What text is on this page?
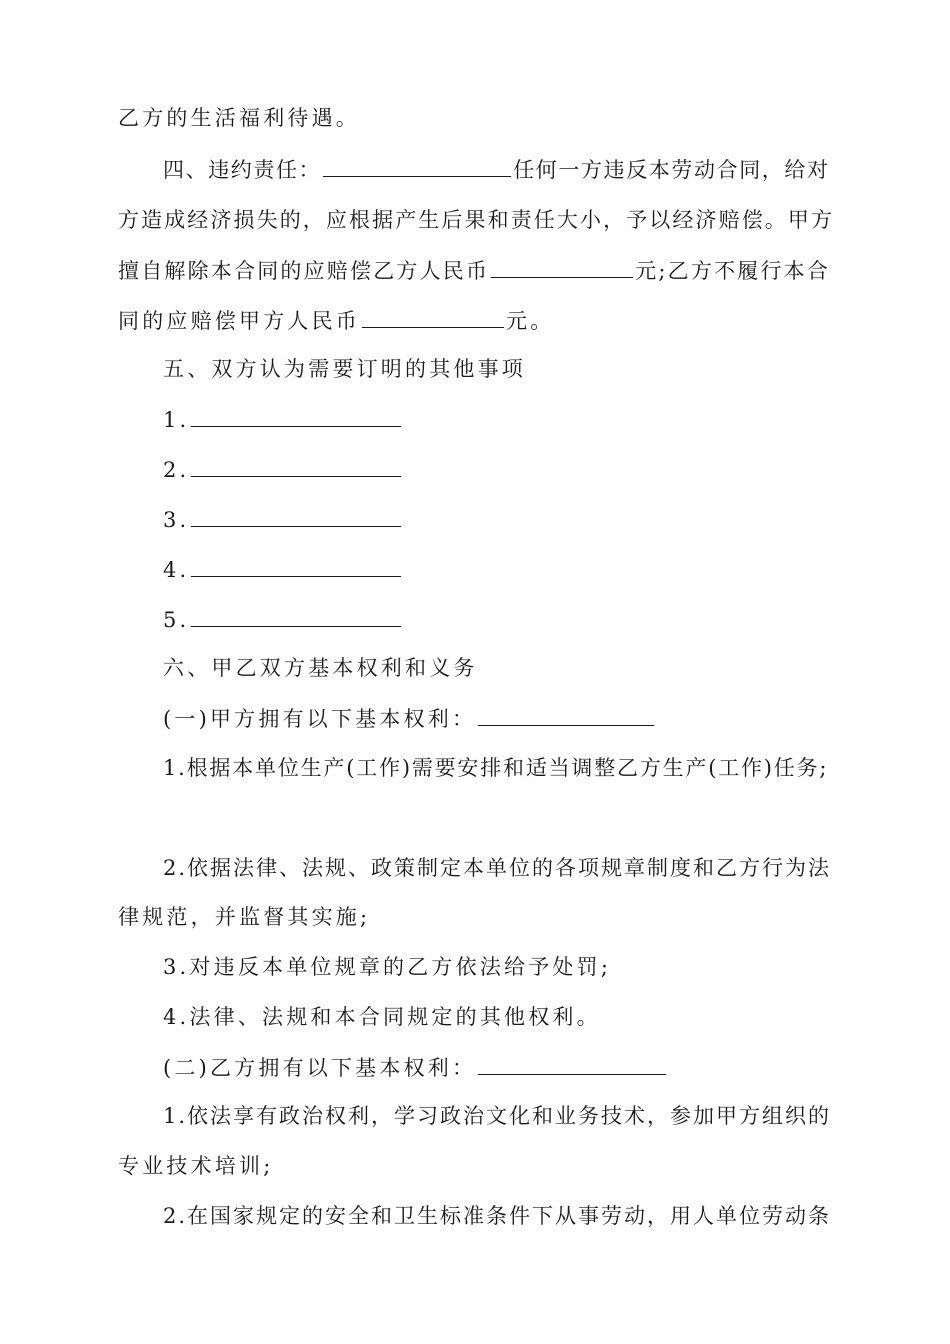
乙方的生活福利待遇。
四、违约责任：	任何一方违反本劳动合同，给对
方造成经济损失的，应根据产生后果和责任大小，予以经济赔偿。甲方
擅自解除本合同的应赔偿乙方人民币	元;乙方不履行本合
同的应赔偿甲方人民币	元。
五、双方认为需要订明的其他事项
1.
2.
3.
4.
5.
六、甲乙双方基本权利和义务
(一)甲方拥有以下基本权利：
1.根据本单位生产(工作)需要安排和适当调整乙方生产(工作)任务;
2.依据法律、法规、政策制定本单位的各项规章制度和乙方行为法
律规范，并监督其实施;
3.对违反本单位规章的乙方依法给予处罚;
4.法律、法规和本合同规定的其他权利。
(二)乙方拥有以下基本权利：
1.依法享有政治权利，学习政治文化和业务技术，参加甲方组织的
专业技术培训;
2.在国家规定的安全和卫生标准条件下从事劳动，用人单位劳动条
